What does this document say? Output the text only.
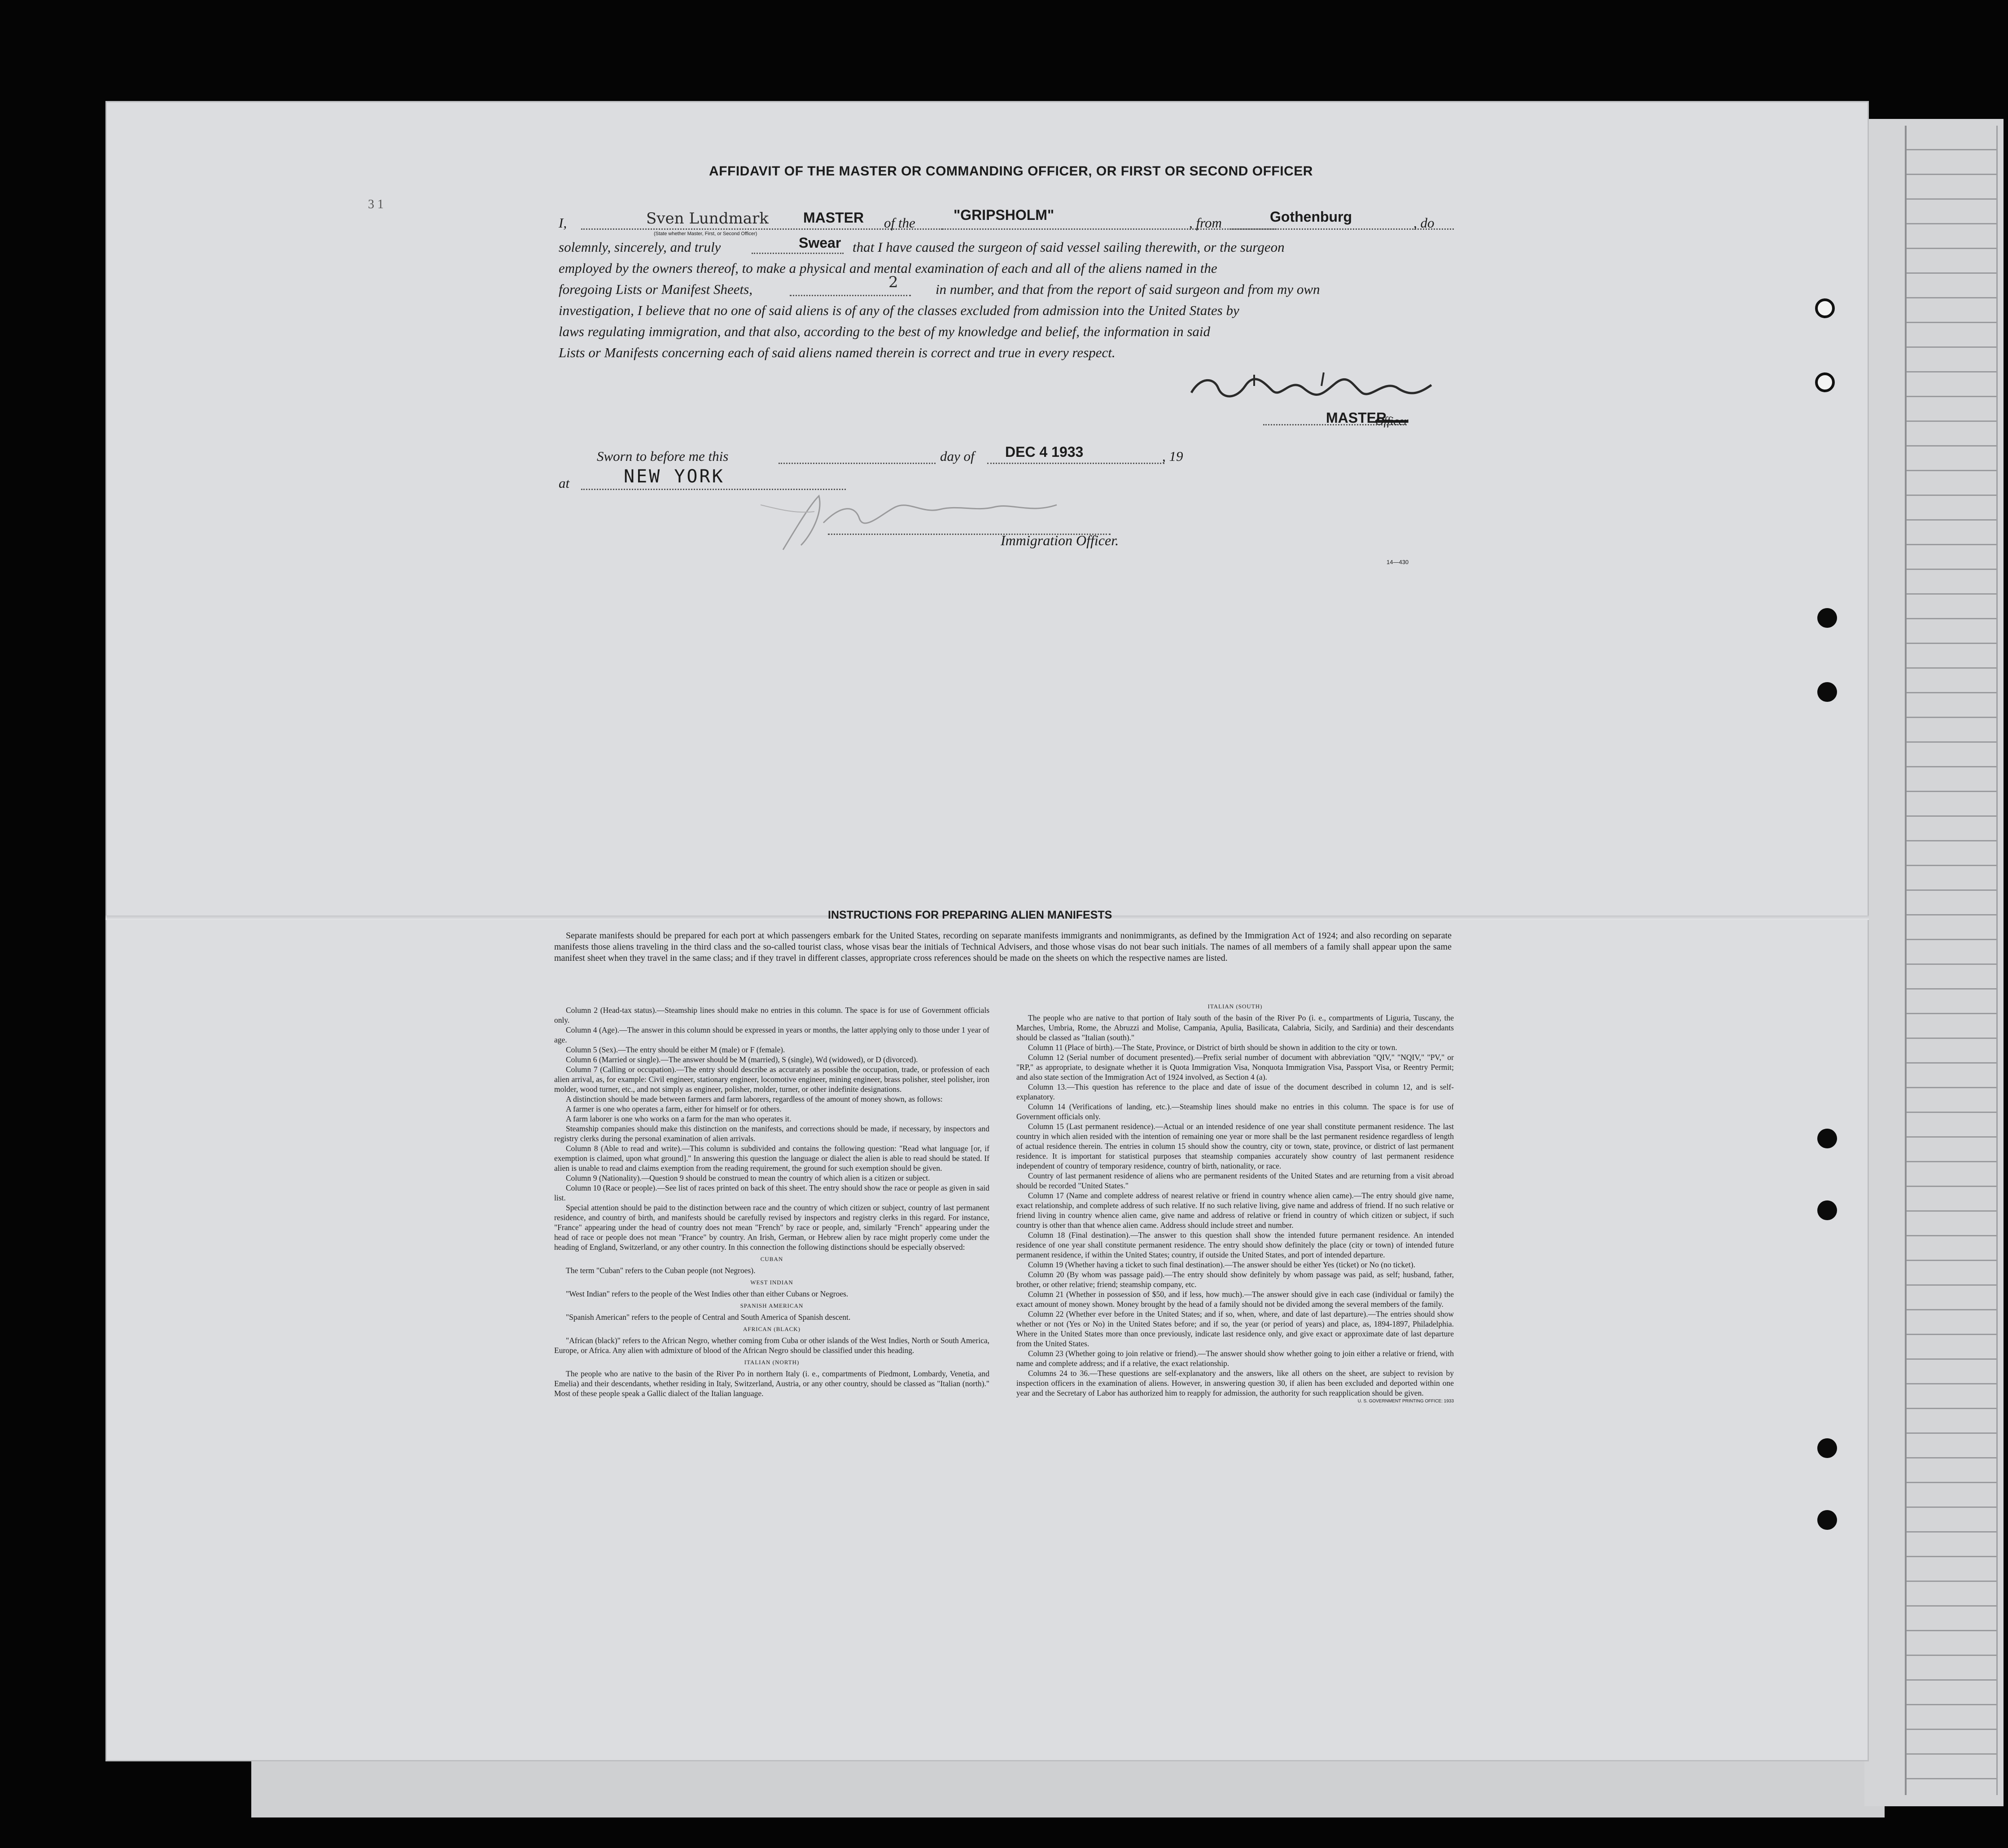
3 1
AFFIDAVIT OF THE MASTER OR COMMANDING OFFICER, OR FIRST OR SECOND OFFICER
I,	Sven Lundmark MASTER of the	"GRIPSHOLM"	, from	Gothenburg	, do
(State whether Master, First, or Second Officer)
solemnly, sincerely, and truly	Swear that I have caused the surgeon of said vessel sailing therewith, or the surgeon
employed by the owners thereof, to make a physical and mental examination of each and all of the aliens named in the
foregoing Lists or Manifest Sheets,	2	in number, and that from the report of said surgeon and from my own
investigation, I believe that no one of said aliens is of any of the classes excluded from admission into the United States by
laws regulating immigration, and that also, according to the best of my knowledge and belief, the information in said
Lists or Manifests concerning each of said aliens named therein is correct and true in every respect.
MASTER
Officer
Sworn to before me this	day of DEC 4 1933	, 19
at	NEW YORK
Immigration Officer.
14—430
INSTRUCTIONS FOR PREPARING ALIEN MANIFESTS

Separate manifests should be prepared for each port at which passengers embark for the United States, recording on separate manifests immigrants and nonimmigrants, as defined by the Immigration Act of 1924; and also recording on separate manifests those aliens traveling in the third class and the so-called tourist class, whose visas bear the initials of Technical Advisers, and those whose visas do not bear such initials. The names of all members of a family shall appear upon the same manifest sheet when they travel in the same class; and if they travel in different classes, appropriate cross references should be made on the sheets on which the respective names are listed.

Column 2 (Head-tax status).—Steamship lines should make no entries in this column. The space is for use of Government officials only.

Column 4 (Age).—The answer in this column should be expressed in years or months, the latter applying only to those under 1 year of age.

Column 5 (Sex).—The entry should be either M (male) or F (female).

Column 6 (Married or single).—The answer should be M (married), S (single), Wd (widowed), or D (divorced).

Column 7 (Calling or occupation).—The entry should describe as accurately as possible the occupation, trade, or profession of each alien arrival, as, for example: Civil engineer, stationary engineer, locomotive engineer, mining engineer, brass polisher, steel polisher, iron molder, wood turner, etc., and not simply as engineer, polisher, molder, turner, or other indefinite designations.

A distinction should be made between farmers and farm laborers, regardless of the amount of money shown, as follows:

A farmer is one who operates a farm, either for himself or for others.

A farm laborer is one who works on a farm for the man who operates it.

Steamship companies should make this distinction on the manifests, and corrections should be made, if necessary, by inspectors and registry clerks during the personal examination of alien arrivals.

Column 8 (Able to read and write).—This column is subdivided and contains the following question: "Read what language [or, if exemption is claimed, upon what ground]." In answering this question the language or dialect the alien is able to read should be stated. If alien is unable to read and claims exemption from the reading requirement, the ground for such exemption should be given.

Column 9 (Nationality).—Question 9 should be construed to mean the country of which alien is a citizen or subject.

Column 10 (Race or people).—See list of races printed on back of this sheet. The entry should show the race or people as given in said list.

Special attention should be paid to the distinction between race and the country of which citizen or subject, country of last permanent residence, and country of birth, and manifests should be carefully revised by inspectors and registry clerks in this regard. For instance, "France" appearing under the head of country does not mean "French" by race or people, and, similarly "French" appearing under the head of race or people does not mean "France" by country. An Irish, German, or Hebrew alien by race might properly come under the heading of England, Switzerland, or any other country. In this connection the following distinctions should be especially observed:

CUBAN

The term "Cuban" refers to the Cuban people (not Negroes).

WEST INDIAN

"West Indian" refers to the people of the West Indies other than either Cubans or Negroes.

SPANISH AMERICAN

"Spanish American" refers to the people of Central and South America of Spanish descent.

AFRICAN (BLACK)

"African (black)" refers to the African Negro, whether coming from Cuba or other islands of the West Indies, North or South America, Europe, or Africa. Any alien with admixture of blood of the African Negro should be classified under this heading.

ITALIAN (NORTH)

The people who are native to the basin of the River Po in northern Italy (i. e., compartments of Piedmont, Lombardy, Venetia, and Emelia) and their descendants, whether residing in Italy, Switzerland, Austria, or any other country, should be classed as "Italian (north)." Most of these people speak a Gallic dialect of the Italian language.

ITALIAN (SOUTH)

The people who are native to that portion of Italy south of the basin of the River Po (i. e., compartments of Liguria, Tuscany, the Marches, Umbria, Rome, the Abruzzi and Molise, Campania, Apulia, Basilicata, Calabria, Sicily, and Sardinia) and their descendants should be classed as "Italian (south)."

Column 11 (Place of birth).—The State, Province, or District of birth should be shown in addition to the city or town.

Column 12 (Serial number of document presented).—Prefix serial number of document with abbreviation "QIV," "NQIV," "PV," or "RP," as appropriate, to designate whether it is Quota Immigration Visa, Nonquota Immigration Visa, Passport Visa, or Reentry Permit; and also state section of the Immigration Act of 1924 involved, as Section 4 (a).

Column 13.—This question has reference to the place and date of issue of the document described in column 12, and is self-explanatory.

Column 14 (Verifications of landing, etc.).—Steamship lines should make no entries in this column. The space is for use of Government officials only.

Column 15 (Last permanent residence).—Actual or an intended residence of one year shall constitute permanent residence. The last country in which alien resided with the intention of remaining one year or more shall be the last permanent residence regardless of length of actual residence therein. The entries in column 15 should show the country, city or town, state, province, or district of last permanent residence. It is important for statistical purposes that steamship companies accurately show country of last permanent residence independent of country of temporary residence, country of birth, nationality, or race.

Country of last permanent residence of aliens who are permanent residents of the United States and are returning from a visit abroad should be recorded "United States."

Column 17 (Name and complete address of nearest relative or friend in country whence alien came).—The entry should give name, exact relationship, and complete address of such relative. If no such relative living, give name and address of friend. If no such relative or friend living in country whence alien came, give name and address of relative or friend in country of which citizen or subject, if such country is other than that whence alien came. Address should include street and number.

Column 18 (Final destination).—The answer to this question shall show the intended future permanent residence. An intended residence of one year shall constitute permanent residence. The entry should show definitely the place (city or town) of intended future permanent residence, if within the United States; country, if outside the United States, and port of intended departure.

Column 19 (Whether having a ticket to such final destination).—The answer should be either Yes (ticket) or No (no ticket).

Column 20 (By whom was passage paid).—The entry should show definitely by whom passage was paid, as self; husband, father, brother, or other relative; friend; steamship company, etc.

Column 21 (Whether in possession of $50, and if less, how much).—The answer should give in each case (individual or family) the exact amount of money shown. Money brought by the head of a family should not be divided among the several members of the family.

Column 22 (Whether ever before in the United States; and if so, when, where, and date of last departure).—The entries should show whether or not (Yes or No) in the United States before; and if so, the year (or period of years) and place, as, 1894-1897, Philadelphia. Where in the United States more than once previously, indicate last residence only, and give exact or approximate date of last departure from the United States.

Column 23 (Whether going to join relative or friend).—The answer should show whether going to join either a relative or friend, with name and complete address; and if a relative, the exact relationship.

Columns 24 to 36.—These questions are self-explanatory and the answers, like all others on the sheet, are subject to revision by inspection officers in the examination of aliens. However, in answering question 30, if alien has been excluded and deported within one year and the Secretary of Labor has authorized him to reapply for admission, the authority for such reapplication should be given.

U. S. GOVERNMENT PRINTING OFFICE: 1933
